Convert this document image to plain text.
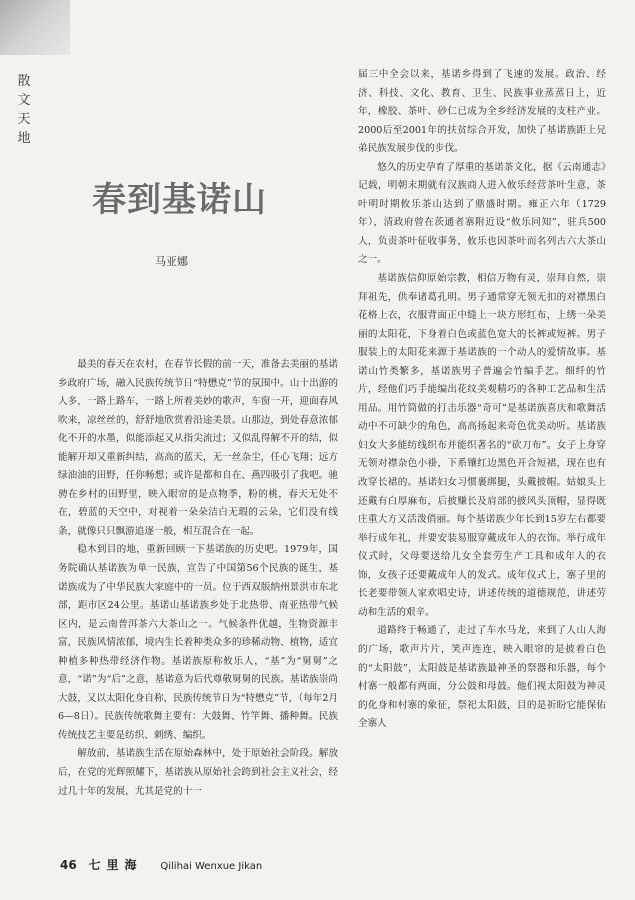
散
文
天
地
春到基诺山
马亚娜

最美的春天在农村，在春节长假的前一天，准备去美丽的基诺乡政府广场，融入民族传统节日“特懋克”节的氛围中。山十出游的人多，一路上路车，一路上所着美妙的歌声，车窗一开，迎面春风吹来，凉丝丝的，舒舒地欣赏着沿途美景。山那边，到处春意浓郁化不开的水墨，似能添起又从指尖流过；又似乱得解不开的结，似能解开却又重新纠结，高高的蓝天，无一丝杂尘，任心飞翔；远方绿油油的田野，任你畅想；或许是都和自在、燕四吸引了我吧。驰骋在乡村的田野里，映入眼帘的是点物季，粉的桃，春天无处不在，碧蓝的天空中，对视着一朵朵洁白无瑕的云朵，它们没有线条，就像只只飘游追逐一般，相互混合在一起。

稳木到目的地，重新回顾一下基诺族的历史吧。1979年，国务院确认基诺族为单一民族，宣告了中国第56个民族的诞生，基诺族成为了中华民族大家庭中的一员。位于西双版纳州景洪市东北部，距市区24公里。基诺山基诺族乡处于北热带、南亚热带气候区内，是云南普洱茶六大茶山之一。气候条件优越，生物资源丰富，民族风情浓郁，境内生长着种类众多的珍稀动物、植物，适宜种植多种热带经济作物。基诺族原称攸乐人，“基”为“舅舅”之意，“诺”为“后”之意，基诺意为后代尊敬舅舅的民族。基诺族崇尚大鼓，又以太阳化身自称，民族传统节日为“特懋克”节，（每年2月6—8日）。民族传统歌舞主要有：大鼓舞、竹竿舞、播种舞。民族传统技艺主要是纺织、刺绣、编织。

解放前，基诺族生活在原始森林中，处于原始社会阶段。解放后，在党的光辉照耀下，基诺族从原始社会跨到社会主义社会，经过几十年的发展，尤其是党的十一

届三中全会以来，基诺乡得到了飞速的发展。政治、经济、科技、文化、教育、卫生、民族事业蒸蒸日上，近年，橡胶、茶叶、砂仁已成为全乡经济发展的支柱产业。2000后至2001年的扶贫综合开发，加快了基诺族距上兄弟民族发展步伐的步伐。

悠久的历史孕育了厚重的基诺茶文化，据《云南通志》记载，明朝末期就有汉族商人进入攸乐经营茶叶生意，茶叶明时期攸乐茶山达到了鼎盛时期。雍正六年（1729年），清政府曾在茨通者寨附近设“攸乐同知”，驻兵500人，负责茶叶征收事务，攸乐也因茶叶而名列古六大茶山之一。

基诺族信仰原始宗教，相信万物有灵，崇拜自然，崇拜祖先，供奉诸葛孔明。男子通常穿无领无扣的对襟黑白花格上衣，衣服背面正中缝上一块方形红布，上绣一朵美丽的太阳花，下身着白色或蓝色宽大的长裤或短裤。男子服装上的太阳花来源于基诺族的一个动人的爱情故事。基诺山竹类繁多，基诺族男子普遍会竹编手艺。细纤的竹片，经他们巧手能编出花纹美观精巧的各种工艺品和生活用品。用竹筒做的打击乐器“奇可”是基诺族喜庆和歌舞活动中不可缺少的角色，高高扬起来奇色优美动听。基诺族妇女大多能纺线织布并能织著名的“砍刀布”。女子上身穿无领对襟杂色小褂，下系镶红边黑色开合短裙，现在也有改穿长裙的。基诺妇女习惯裹绑腿，头戴披帽。姑娘头上还戴有白厚麻布，后披赚长及肩部的披风头顶帽，显得既庄重大方又活泼俏丽。每个基诺族少年长到15岁左右都要举行成年礼，并要安装易服穿戴成年人的衣饰。举行成年仪式时，父母要送给儿女全套劳生产工具和成年人的衣饰，女孩子还要戴成年人的发式。成年仪式上，寨子里的长老要带领人家欢唱史诗，讲述传统的道德规范，讲述劳动和生活的艰辛。

道路终于畅通了，走过了车水马龙，来到了人山人海的广场，歌声片片，笑声连连，映入眼帘的是披着白色的“太阳鼓”，太阳鼓是基诺族最神圣的祭器和乐器，每个村寨一般都有两面，分公鼓和母鼓。他们视太阳鼓为神灵的化身和村寨的象征，祭祀太阳鼓，目的是祈盼它能保佑全寨人

46 七里海 Qilihai Wenxue Jikan
